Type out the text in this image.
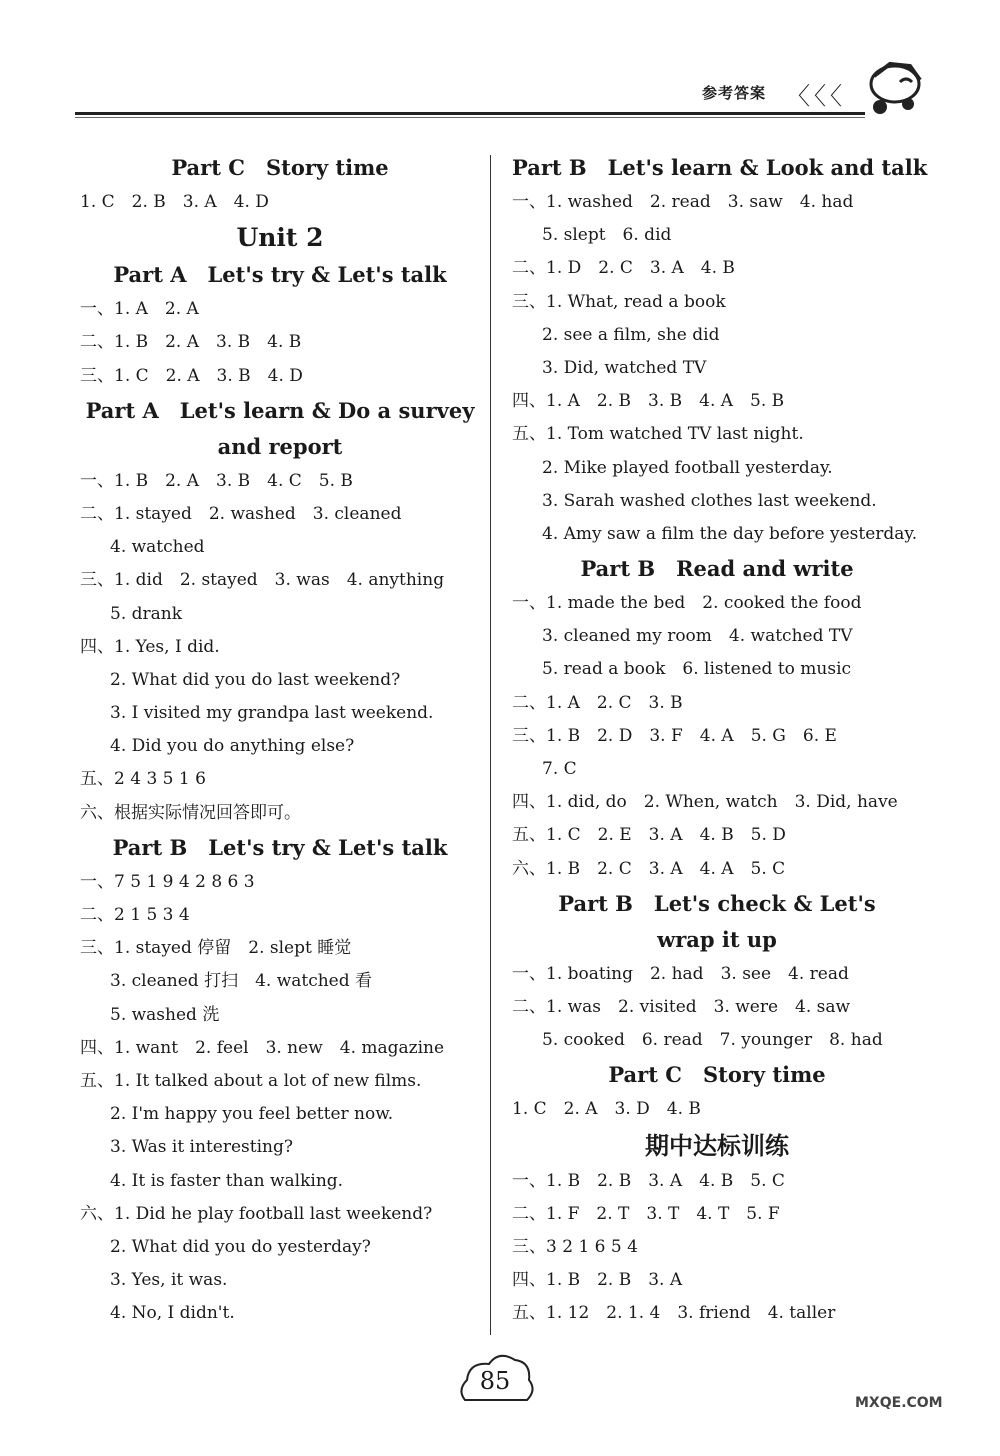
参考答案 〈〈〈
Part C　Story time
1. C　2. B　3. A　4. D
Unit 2
Part A　Let's try & Let's talk
一、1. A　2. A
二、1. B　2. A　3. B　4. B
三、1. C　2. A　3. B　4. D
Part A　Let's learn & Do a survey
and report
一、1. B　2. A　3. B　4. C　5. B
二、1. stayed　2. washed　3. cleaned
4. watched
三、1. did　2. stayed　3. was　4. anything
5. drank
四、1. Yes, I did.
2. What did you do last weekend?
3. I visited my grandpa last weekend.
4. Did you do anything else?
五、2 4 3 5 1 6
六、根据实际情况回答即可。
Part B　Let's try & Let's talk
一、7 5 1 9 4 2 8 6 3
二、2 1 5 3 4
三、1. stayed 停留　2. slept 睡觉
3. cleaned 打扫　4. watched 看
5. washed 洗
四、1. want　2. feel　3. new　4. magazine
五、1. It talked about a lot of new films.
2. I'm happy you feel better now.
3. Was it interesting?
4. It is faster than walking.
六、1. Did he play football last weekend?
2. What did you do yesterday?
3. Yes, it was.
4. No, I didn't.
Part B　Let's learn & Look and talk
一、1. washed　2. read　3. saw　4. had
5. slept　6. did
二、1. D　2. C　3. A　4. B
三、1. What, read a book
2. see a film, she did
3. Did, watched TV
四、1. A　2. B　3. B　4. A　5. B
五、1. Tom watched TV last night.
2. Mike played football yesterday.
3. Sarah washed clothes last weekend.
4. Amy saw a film the day before yesterday.
Part B　Read and write
一、1. made the bed　2. cooked the food
3. cleaned my room　4. watched TV
5. read a book　6. listened to music
二、1. A　2. C　3. B
三、1. B　2. D　3. F　4. A　5. G　6. E
7. C
四、1. did, do　2. When, watch　3. Did, have
五、1. C　2. E　3. A　4. B　5. D
六、1. B　2. C　3. A　4. A　5. C
Part B　Let's check & Let's
wrap it up
一、1. boating　2. had　3. see　4. read
二、1. was　2. visited　3. were　4. saw
5. cooked　6. read　7. younger　8. had
Part C　Story time
1. C　2. A　3. D　4. B
期中达标训练
一、1. B　2. B　3. A　4. B　5. C
二、1. F　2. T　3. T　4. T　5. F
三、3 2 1 6 5 4
四、1. B　2. B　3. A
五、1. 12　2. 1. 4　3. friend　4. taller
85
MXQE.COM
